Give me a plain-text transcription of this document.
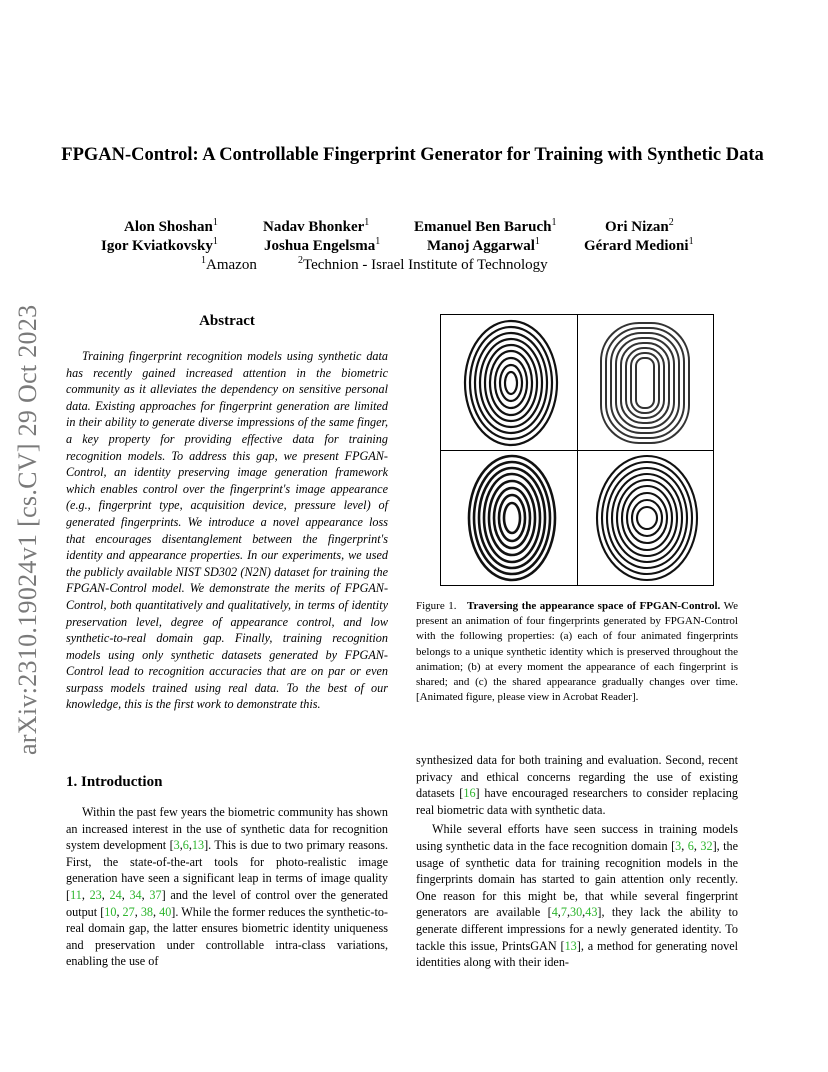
arXiv:2310.19024v1 [cs.CV] 29 Oct 2023
FPGAN-Control: A Controllable Fingerprint Generator for Training with Synthetic Data
Alon Shoshan$^1$	Nadav Bhonker$^1$	Emanuel Ben Baruch$^1$	Ori Nizan$^2$
Igor Kviatkovsky$^1$	Joshua Engelsma$^1$	Manoj Aggarwal$^1$	Gérard Medioni$^1$
$^1$ Amazon	$^2$ Technion - Israel Institute of Technology
Abstract
Training fingerprint recognition models using synthetic data has recently gained increased attention in the biometric community as it alleviates the dependency on sensitive personal data. Existing approaches for fingerprint generation are limited in their ability to generate diverse impressions of the same finger, a key property for providing effective data for training recognition models. To address this gap, we present FPGAN-Control, an identity preserving image generation framework which enables control over the fingerprint's image appearance (e.g., fingerprint type, acquisition device, pressure level) of generated fingerprints. We introduce a novel appearance loss that encourages disentanglement between the fingerprint's identity and appearance properties. In our experiments, we used the publicly available NIST SD302 (N2N) dataset for training the FPGAN-Control model. We demonstrate the merits of FPGAN-Control, both quantitatively and qualitatively, in terms of identity preservation level, degree of appearance control, and low synthetic-to-real domain gap. Finally, training recognition models using only synthetic datasets generated by FPGAN-Control lead to recognition accuracies that are on par or even surpass models trained using real data. To the best of our knowledge, this is the first work to demonstrate this.
Figure 1. Traversing the appearance space of FPGAN-Control. We present an animation of four fingerprints generated by FPGAN-Control with the following properties: (a) each of four animated fingerprints belongs to a unique synthetic identity which is preserved throughout the animation; (b) at every moment the appearance of each fingerprint is shared; and (c) the shared appearance gradually changes over time. [Animated figure, please view in Acrobat Reader].
1. Introduction
Within the past few years the biometric community has shown an increased interest in the use of synthetic data for recognition system development [3,6,13]. This is due to two primary reasons. First, the state-of-the-art tools for photo-realistic image generation have seen a significant leap in terms of image quality [11, 23, 24, 34, 37] and the level of control over the generated output [10, 27, 38, 40]. While the former reduces the synthetic-to-real domain gap, the latter ensures biometric identity uniqueness and preservation under controllable intra-class variations, enabling the use of

synthesized data for both training and evaluation. Second, recent privacy and ethical concerns regarding the use of existing datasets [16] have encouraged researchers to consider replacing real biometric data with synthetic data.

While several efforts have seen success in training models using synthetic data in the face recognition domain [3, 6, 32], the usage of synthetic data for training recognition models in the fingerprints domain has started to gain attention only recently. One reason for this might be, that while several fingerprint generators are available [4,7,30,43], they lack the ability to generate different impressions for a newly generated identity. To tackle this issue, PrintsGAN [13], a method for generating novel identities along with their iden-
